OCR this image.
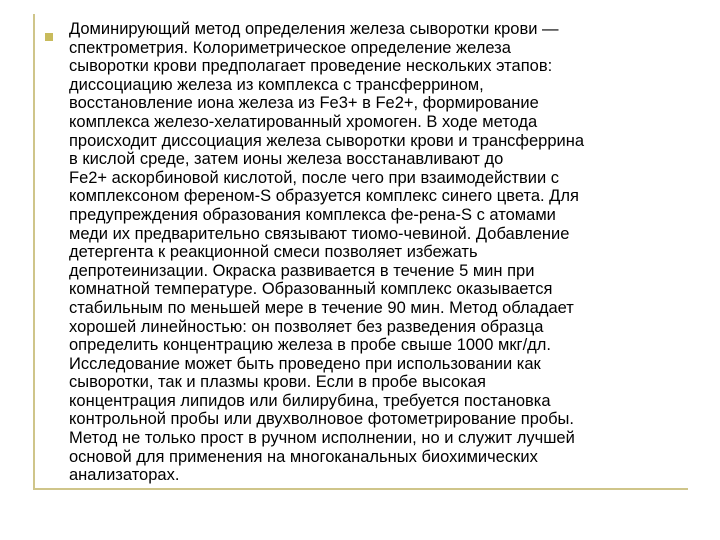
Доминирующий метод определения железа сыворотки крови —
спектрометрия. Колориметрическое определение железа
сыворотки крови предполагает проведение нескольких этапов:
диссоциацию железа из комплекса с трансферрином,
восстановление иона железа из Fe3+ в Fe2+, формирование
комплекса железо-хелатированный хромоген. В ходе метода
происходит диссоциация железа сыворотки крови и трансферрина
в кислой среде, затем ионы железа восстанавливают до
Fe2+ аскорбиновой кислотой, после чего при взаимодействии с
комплексоном ференом-S образуется комплекс синего цвета. Для
предупреждения образования комплекса фе-рена-S с атомами
меди их предварительно связывают тиомо-чевиной. Добавление
детергента к реакционной смеси позволяет избежать
депротеинизации. Окраска развивается в течение 5 мин при
комнатной температуре. Образованный комплекс оказывается
стабильным по меньшей мере в течение 90 мин. Метод обладает
хорошей линейностью: он позволяет без разведения образца
определить концентрацию железа в пробе свыше 1000 мкг/дл.
Исследование может быть проведено при использовании как
сыворотки, так и плазмы крови. Если в пробе высокая
концентрация липидов или билирубина, требуется постановка
контрольной пробы или двухволновое фотометрирование пробы.
Метод не только прост в ручном исполнении, но и служит лучшей
основой для применения на многоканальных биохимических
анализаторах.
